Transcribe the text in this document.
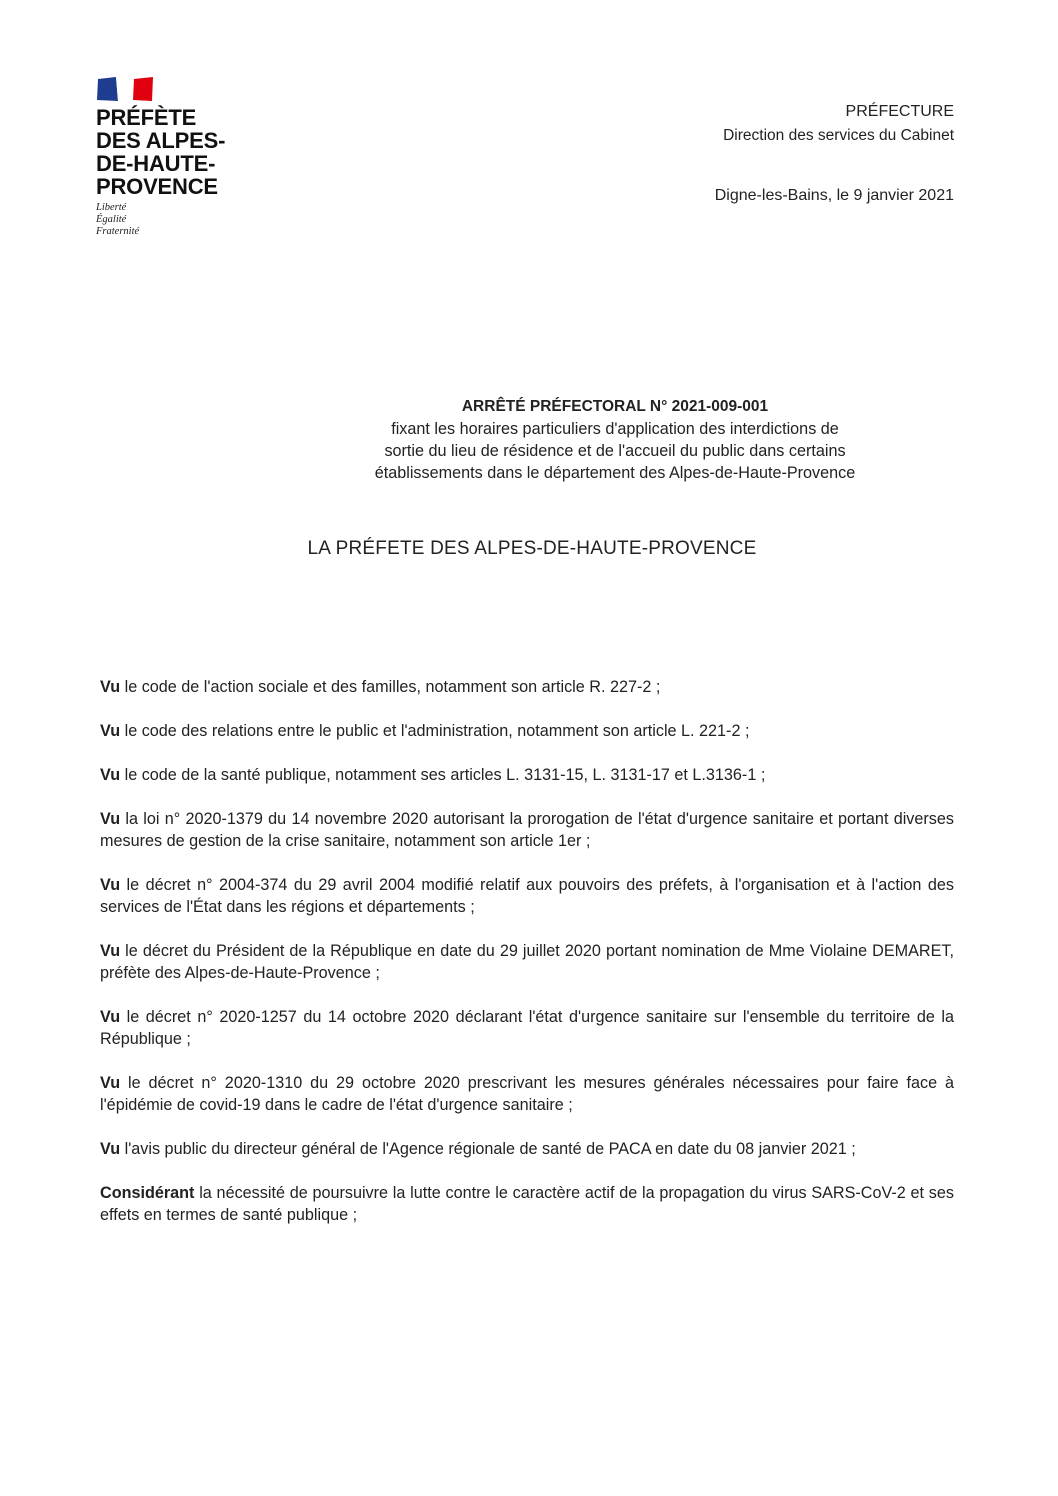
PRÉFÈTE
DES ALPES-
DE-HAUTE-
PROVENCE
Liberté
Égalité
Fraternité
PRÉFECTURE
Direction des services du Cabinet
Digne-les-Bains, le 9 janvier 2021
ARRÊTÉ PRÉFECTORAL N° 2021-009-001
fixant les horaires particuliers d'application des interdictions de
sortie du lieu de résidence et de l'accueil du public dans certains
établissements dans le département des Alpes-de-Haute-Provence
LA PRÉFETE DES ALPES-DE-HAUTE-PROVENCE

Vu le code de l'action sociale et des familles, notamment son article R. 227-2 ;

Vu le code des relations entre le public et l'administration, notamment son article L. 221-2 ;

Vu le code de la santé publique, notamment ses articles L. 3131-15, L. 3131-17 et L.3136-1 ;

Vu la loi n° 2020-1379 du 14 novembre 2020 autorisant la prorogation de l'état d'urgence sanitaire et portant diverses mesures de gestion de la crise sanitaire, notamment son article 1er ;

Vu le décret n° 2004-374 du 29 avril 2004 modifié relatif aux pouvoirs des préfets, à l'organisation et à l'action des services de l'État dans les régions et départements ;

Vu le décret du Président de la République en date du 29 juillet 2020 portant nomination de Mme Violaine DEMARET, préfète des Alpes-de-Haute-Provence ;

Vu le décret n° 2020-1257 du 14 octobre 2020 déclarant l'état d'urgence sanitaire sur l'ensemble du territoire de la République ;

Vu le décret n° 2020-1310 du 29 octobre 2020 prescrivant les mesures générales nécessaires pour faire face à l'épidémie de covid-19 dans le cadre de l'état d'urgence sanitaire ;

Vu l'avis public du directeur général de l'Agence régionale de santé de PACA en date du 08 janvier 2021 ;

Considérant la nécessité de poursuivre la lutte contre le caractère actif de la propagation du virus SARS-CoV-2 et ses effets en termes de santé publique ;
